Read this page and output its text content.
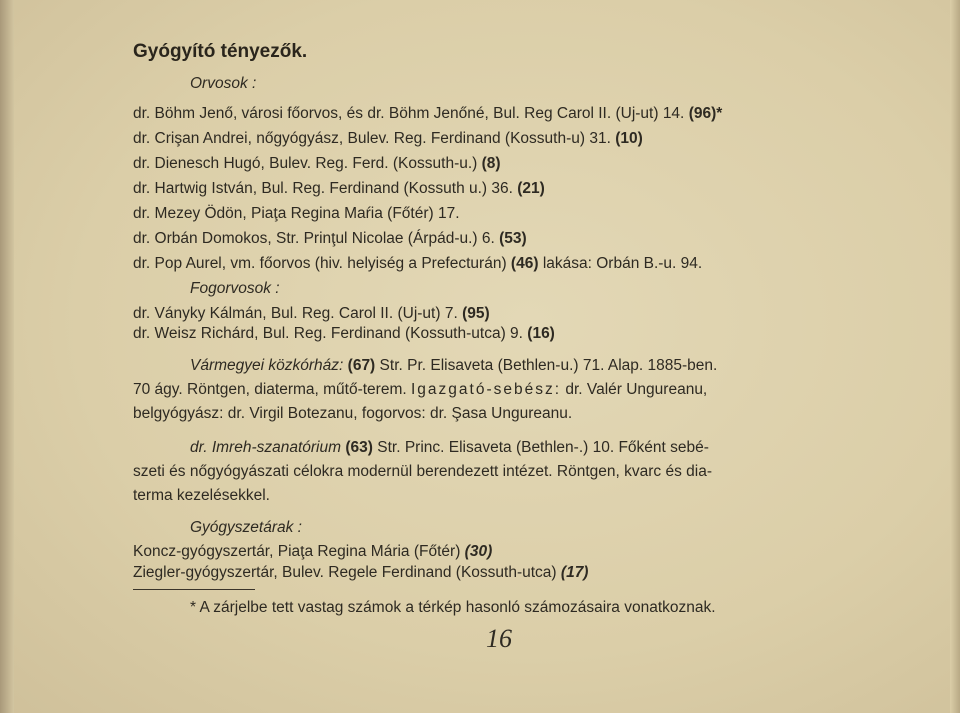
Gyógyító tényezők.
Orvosok :
dr. Böhm Jenő, városi főorvos, és dr. Böhm Jenőné, Bul. Reg Carol II. (Uj-ut) 14. (96)*
dr. Crişan Andrei, nőgyógyász, Bulev. Reg. Ferdinand (Kossuth-u) 31. (10)
dr. Dienesch Hugó, Bulev. Reg. Ferd. (Kossuth-u.) (8)
dr. Hartwig István, Bul. Reg. Ferdinand (Kossuth u.) 36. (21)
dr. Mezey Ödön, Piaţa Regina Maŕia (Főtér) 17.
dr. Orbán Domokos, Str. Prinţul Nicolae (Árpád-u.) 6. (53)
dr. Pop Aurel, vm. főorvos (hiv. helyiség a Prefecturán) (46) lakása: Orbán B.-u. 94.
Fogorvosok :
dr. Ványky Kálmán, Bul. Reg. Carol II. (Uj-ut) 7. (95)
dr. Weisz Richárd, Bul. Reg. Ferdinand (Kossuth-utca) 9. (16)
Vármegyei közkórház: (67) Str. Pr. Elisaveta (Bethlen-u.) 71. Alap. 1885-ben.
70 ágy. Röntgen, diaterma, műtő-terem. Igazgató-sebész: dr. Valér Ungureanu,
belgyógyász: dr. Virgil Botezanu, fogorvos: dr. Şasa Ungureanu.
dr. Imreh-szanatórium (63) Str. Princ. Elisaveta (Bethlen-.) 10. Főként sebé-
szeti és nőgyógyászati célokra modernül berendezett intézet. Röntgen, kvarc és dia-
terma kezelésekkel.
Gyógyszetárak :
Koncz-gyógyszertár, Piaţa Regina Mária (Főtér) (30)
Ziegler-gyógyszertár, Bulev. Regele Ferdinand (Kossuth-utca) (17)
* A zárjelbe tett vastag számok a térkép hasonló számozásaira vonatkoznak.
16
